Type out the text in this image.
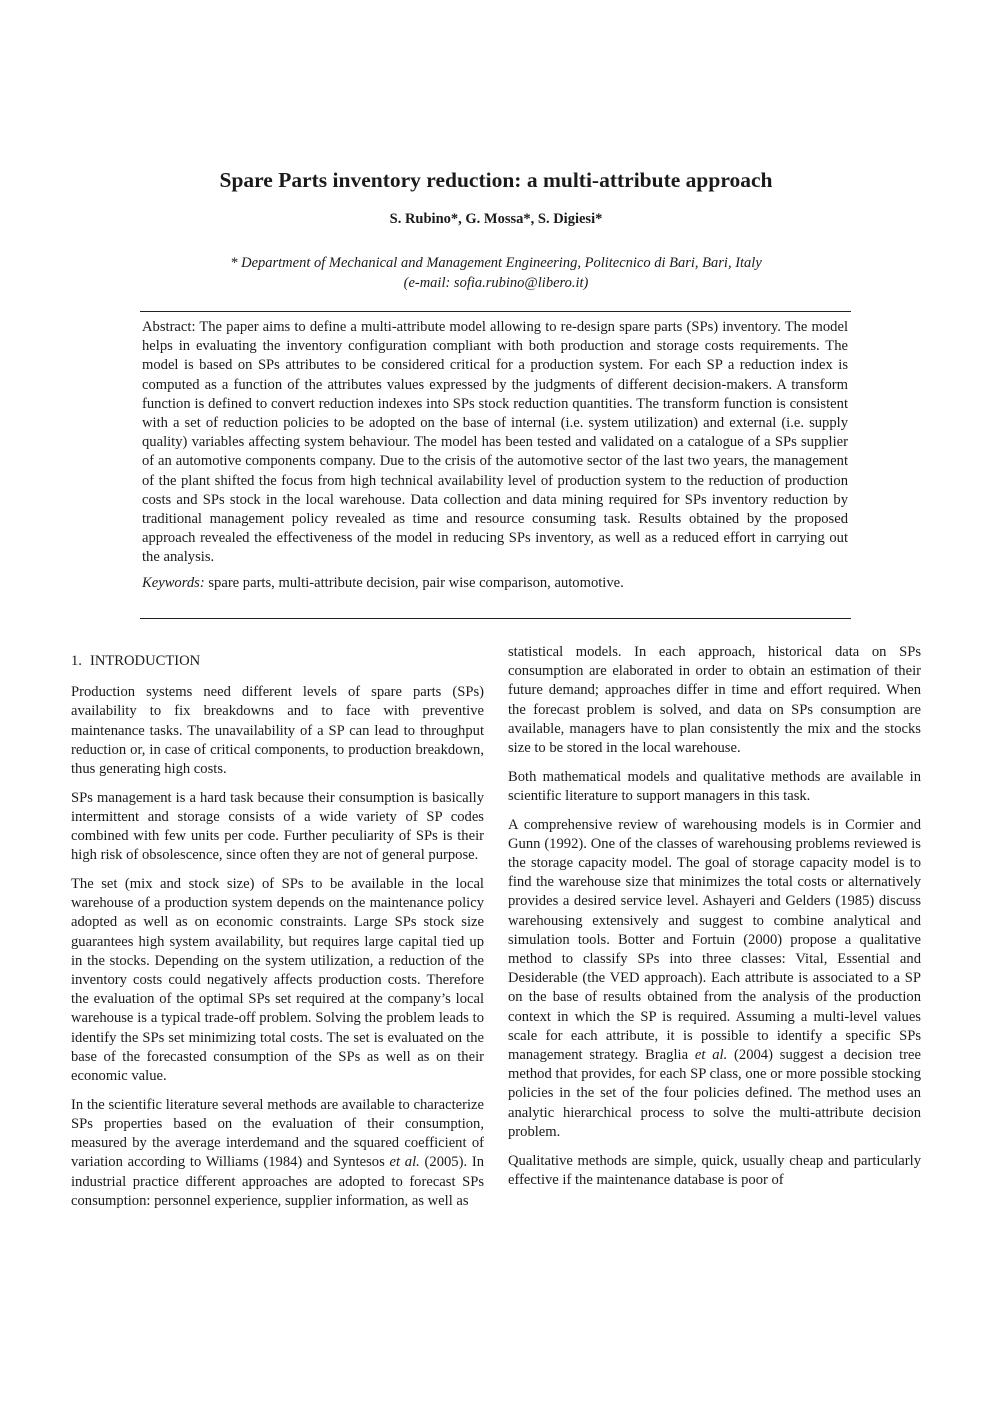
Spare Parts inventory reduction: a multi-attribute approach
S. Rubino*, G. Mossa*, S. Digiesi*
* Department of Mechanical and Management Engineering, Politecnico di Bari, Bari, Italy
(e-mail: sofia.rubino@libero.it)

Abstract: The paper aims to define a multi-attribute model allowing to re-design spare parts (SPs) inventory. The model helps in evaluating the inventory configuration compliant with both production and storage costs requirements. The model is based on SPs attributes to be considered critical for a production system. For each SP a reduction index is computed as a function of the attributes values expressed by the judgments of different decision-makers. A transform function is defined to convert reduction indexes into SPs stock reduction quantities. The transform function is consistent with a set of reduction policies to be adopted on the base of internal (i.e. system utilization) and external (i.e. supply quality) variables affecting system behaviour. The model has been tested and validated on a catalogue of a SPs supplier of an automotive components company. Due to the crisis of the automotive sector of the last two years, the management of the plant shifted the focus from high technical availability level of production system to the reduction of production costs and SPs stock in the local warehouse. Data collection and data mining required for SPs inventory reduction by traditional management policy revealed as time and resource consuming task. Results obtained by the proposed approach revealed the effectiveness of the model in reducing SPs inventory, as well as a reduced effort in carrying out the analysis.

Keywords: spare parts, multi-attribute decision, pair wise comparison, automotive.

1. INTRODUCTION

Production systems need different levels of spare parts (SPs) availability to fix breakdowns and to face with preventive maintenance tasks. The unavailability of a SP can lead to throughput reduction or, in case of critical components, to production breakdown, thus generating high costs.

SPs management is a hard task because their consumption is basically intermittent and storage consists of a wide variety of SP codes combined with few units per code. Further peculiarity of SPs is their high risk of obsolescence, since often they are not of general purpose.

The set (mix and stock size) of SPs to be available in the local warehouse of a production system depends on the maintenance policy adopted as well as on economic constraints. Large SPs stock size guarantees high system availability, but requires large capital tied up in the stocks. Depending on the system utilization, a reduction of the inventory costs could negatively affects production costs. Therefore the evaluation of the optimal SPs set required at the company’s local warehouse is a typical trade-off problem. Solving the problem leads to identify the SPs set minimizing total costs. The set is evaluated on the base of the forecasted consumption of the SPs as well as on their economic value.

In the scientific literature several methods are available to characterize SPs properties based on the evaluation of their consumption, measured by the average interdemand and the squared coefficient of variation according to Williams (1984) and Syntesos et al. (2005). In industrial practice different approaches are adopted to forecast SPs consumption: personnel experience, supplier information, as well as

statistical models. In each approach, historical data on SPs consumption are elaborated in order to obtain an estimation of their future demand; approaches differ in time and effort required. When the forecast problem is solved, and data on SPs consumption are available, managers have to plan consistently the mix and the stocks size to be stored in the local warehouse.

Both mathematical models and qualitative methods are available in scientific literature to support managers in this task.

A comprehensive review of warehousing models is in Cormier and Gunn (1992). One of the classes of warehousing problems reviewed is the storage capacity model. The goal of storage capacity model is to find the warehouse size that minimizes the total costs or alternatively provides a desired service level. Ashayeri and Gelders (1985) discuss warehousing extensively and suggest to combine analytical and simulation tools. Botter and Fortuin (2000) propose a qualitative method to classify SPs into three classes: Vital, Essential and Desiderable (the VED approach). Each attribute is associated to a SP on the base of results obtained from the analysis of the production context in which the SP is required. Assuming a multi-level values scale for each attribute, it is possible to identify a specific SPs management strategy. Braglia et al. (2004) suggest a decision tree method that provides, for each SP class, one or more possible stocking policies in the set of the four policies defined. The method uses an analytic hierarchical process to solve the multi-attribute decision problem.

Qualitative methods are simple, quick, usually cheap and particularly effective if the maintenance database is poor of
